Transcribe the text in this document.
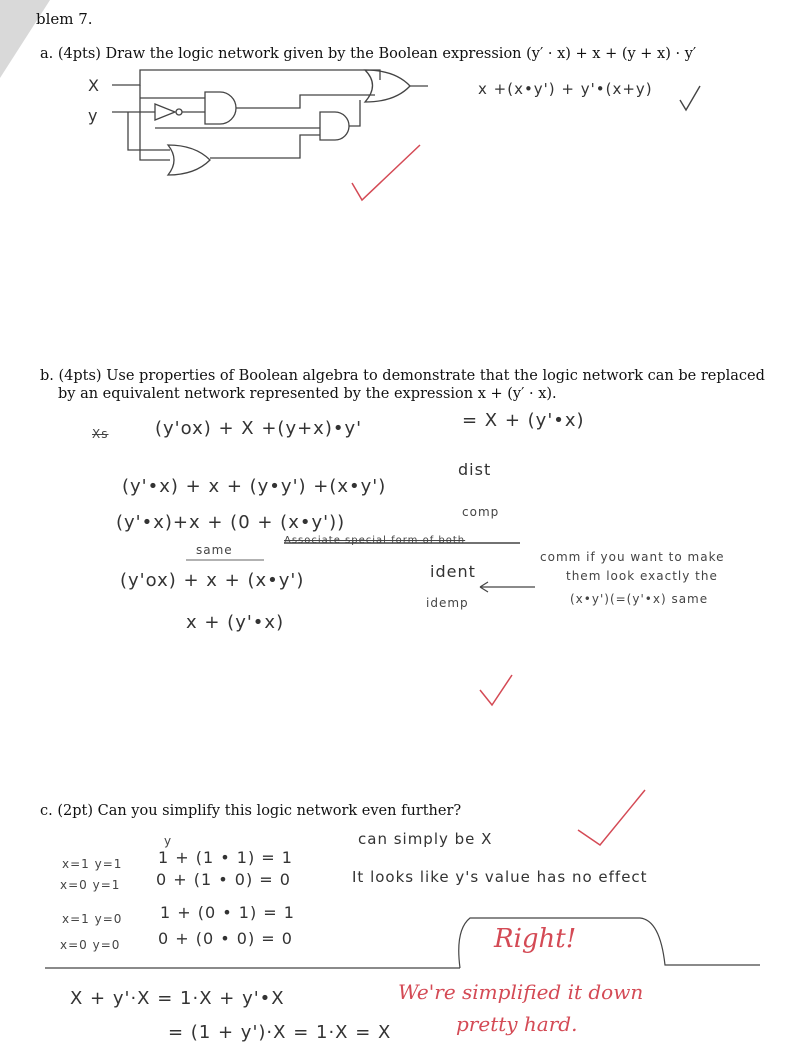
blem 7.
a. (4pts) Draw the logic network given by the Boolean expression (y′ · x) + x + (y + x) · y′
X
y
x +(x•y') + y'•(x+y)
b. (4pts) Use properties of Boolean algebra to demonstrate that the logic network can be replaced
by an equivalent network represented by the expression x + (y′ · x).
Xs	(y'ox) + X +(y+x)•y'	= X + (y'•x)
(y'•x) + x + (y•y') +(x•y')
dist
(y'•x)+x + (0 + (x•y'))	comp
Associate special form of both
same
(y'ox) + x + (x•y')	ident
x + (y'•x)
idemp
comm if you want to make
them look exactly the
(x•y')(=(y'•x) same
c. (2pt) Can you simplify this logic network even further?
y
x=1 y=1 1 + (1 • 1) = 1
x=0 y=1 0 + (1 • 0) = 0
x=1 y=0 1 + (0 • 1) = 1
x=0 y=0 0 + (0 • 0) = 0
can simply be X
It looks like y's value has no effect
X + y'·X = 1·X + y'•X
= (1 + y')·X = 1·X = X
Right!
We're simplified it down
pretty hard.
